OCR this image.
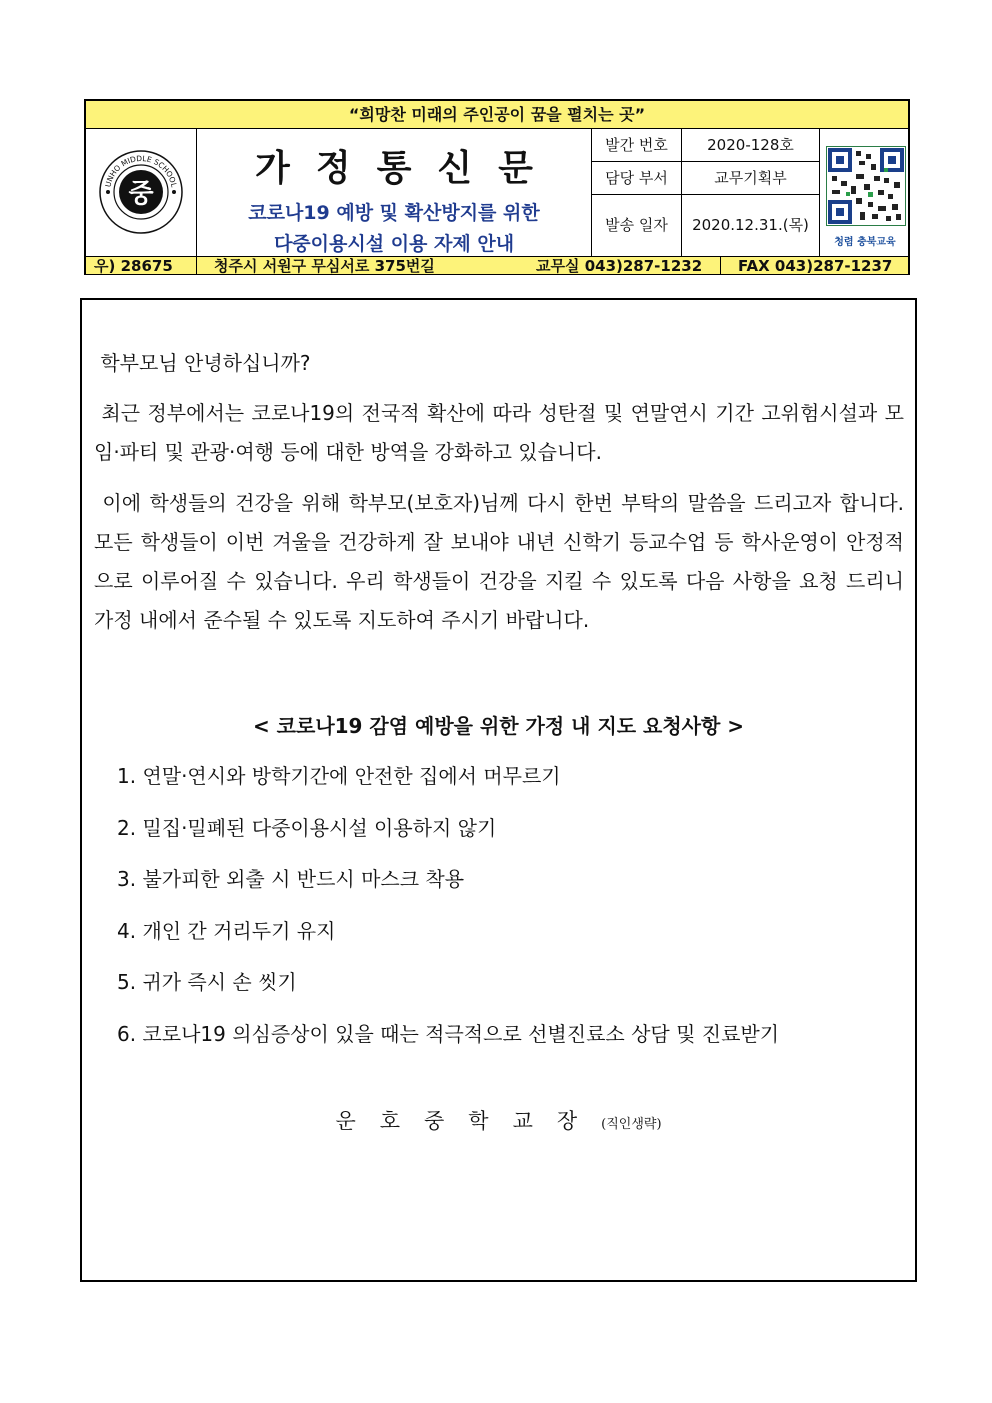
“희망찬 미래의 주인공이 꿈을 펼치는 곳”
UNHO MIDDLE SCHOOL
중
가정통신문
코로나19 예방 및 확산방지를 위한
다중이용시설 이용 자제 안내
발간 번호	2020-128호
담당 부서	교무기획부
발송 일자	2020.12.31.(목)
청렴 충북교육
우) 28675	청주시 서원구 무심서로 375번길	교무실 043)287-1232 FAX 043)287-1237
학부모님 안녕하십니까?
최근 정부에서는 코로나19의 전국적 확산에 따라 성탄절 및 연말연시 기간 고위험시설과 모임·파티 및 관광·여행 등에 대한 방역을 강화하고 있습니다.
이에 학생들의 건강을 위해 학부모(보호자)님께 다시 한번 부탁의 말씀을 드리고자 합니다. 모든 학생들이 이번 겨울을 건강하게 잘 보내야 내년 신학기 등교수업 등 학사운영이 안정적으로 이루어질 수 있습니다. 우리 학생들이 건강을 지킬 수 있도록 다음 사항을 요청 드리니 가정 내에서 준수될 수 있도록 지도하여 주시기 바랍니다.
< 코로나19 감염 예방을 위한 가정 내 지도 요청사항 >
1. 연말·연시와 방학기간에 안전한 집에서 머무르기
2. 밀집·밀폐된 다중이용시설 이용하지 않기
3. 불가피한 외출 시 반드시 마스크 착용
4. 개인 간 거리두기 유지
5. 귀가 즉시 손 씻기
6. 코로나19 의심증상이 있을 때는 적극적으로 선별진료소 상담 및 진료받기
운호중학교장(직인생략)
